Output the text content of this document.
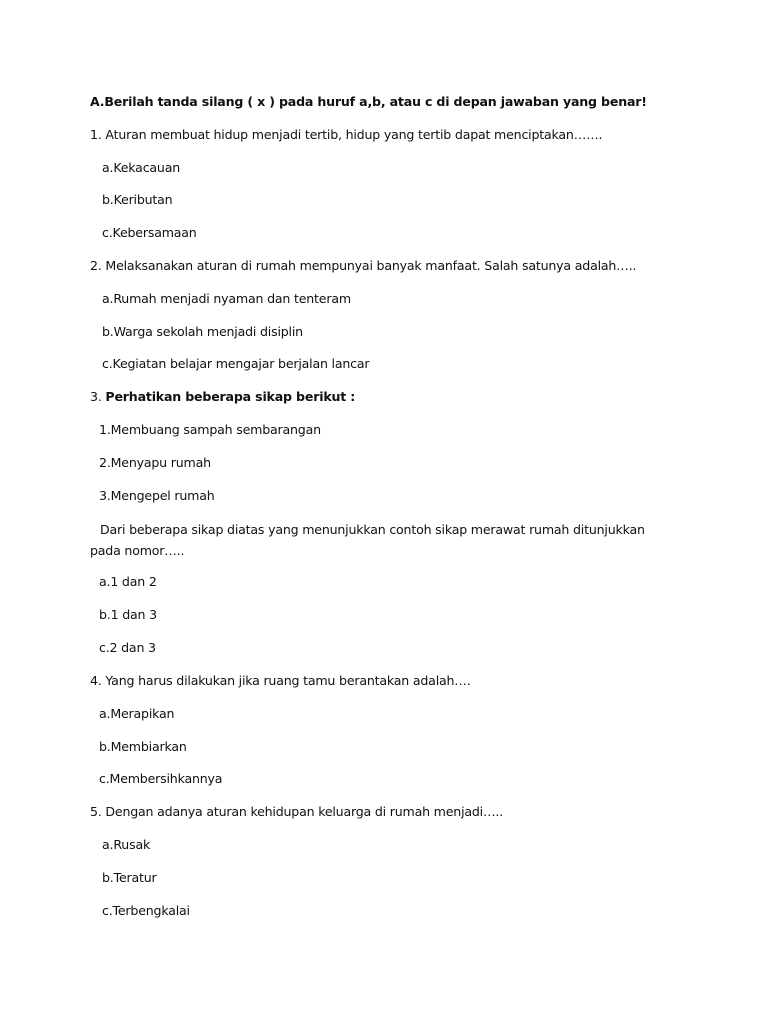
A.Berilah tanda silang ( x ) pada huruf a,b, atau c di depan jawaban yang benar!
1. Aturan membuat hidup menjadi tertib, hidup yang tertib dapat menciptakan…….
a.Kekacauan
b.Keributan
c.Kebersamaan
2. Melaksanakan aturan di rumah mempunyai banyak manfaat. Salah satunya adalah…..
a.Rumah menjadi nyaman dan tenteram
b.Warga sekolah menjadi disiplin
c.Kegiatan belajar mengajar berjalan lancar
3. Perhatikan beberapa sikap berikut :
1.Membuang sampah sembarangan
2.Menyapu rumah
3.Mengepel rumah
Dari beberapa sikap diatas yang menunjukkan contoh sikap merawat rumah ditunjukkan pada nomor…..
a.1 dan 2
b.1 dan 3
c.2 dan 3
4. Yang harus dilakukan jika ruang tamu berantakan adalah….
a.Merapikan
b.Membiarkan
c.Membersihkannya
5. Dengan adanya aturan kehidupan keluarga di rumah menjadi…..
a.Rusak
b.Teratur
c.Terbengkalai
